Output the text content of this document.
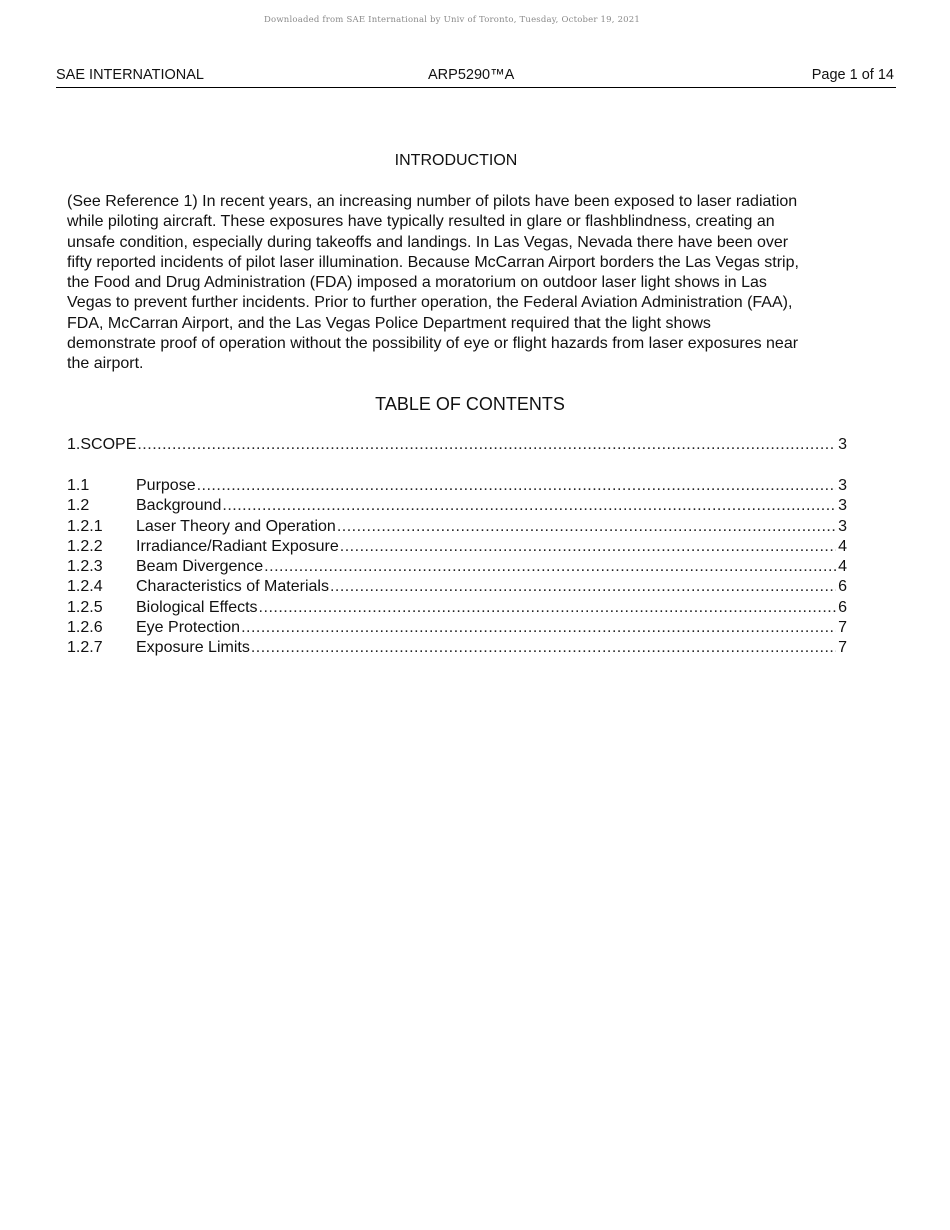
Downloaded from SAE International by Univ of Toronto, Tuesday, October 19, 2021
SAE INTERNATIONAL	ARP5290™A	Page 1 of 14
INTRODUCTION
(See Reference 1) In recent years, an increasing number of pilots have been exposed to laser radiation
while piloting aircraft. These exposures have typically resulted in glare or flashblindness, creating an
unsafe condition, especially during takeoffs and landings. In Las Vegas, Nevada there have been over
fifty reported incidents of pilot laser illumination. Because McCarran Airport borders the Las Vegas strip,
the Food and Drug Administration (FDA) imposed a moratorium on outdoor laser light shows in Las
Vegas to prevent further incidents. Prior to further operation, the Federal Aviation Administration (FAA),
FDA, McCarran Airport, and the Las Vegas Police Department required that the light shows
demonstrate proof of operation without the possibility of eye or flight hazards from laser exposures near
the airport.
TABLE OF CONTENTS
1. SCOPE .....	3
1.1	Purpose .....	3
1.2	Background .....	3
1.2.1	Laser Theory and Operation .....	3
1.2.2	Irradiance/Radiant Exposure .....	4
1.2.3	Beam Divergence .....	4
1.2.4	Characteristics of Materials .....	6
1.2.5	Biological Effects .....	6
1.2.6	Eye Protection .....	7
1.2.7	Exposure Limits .....	7
